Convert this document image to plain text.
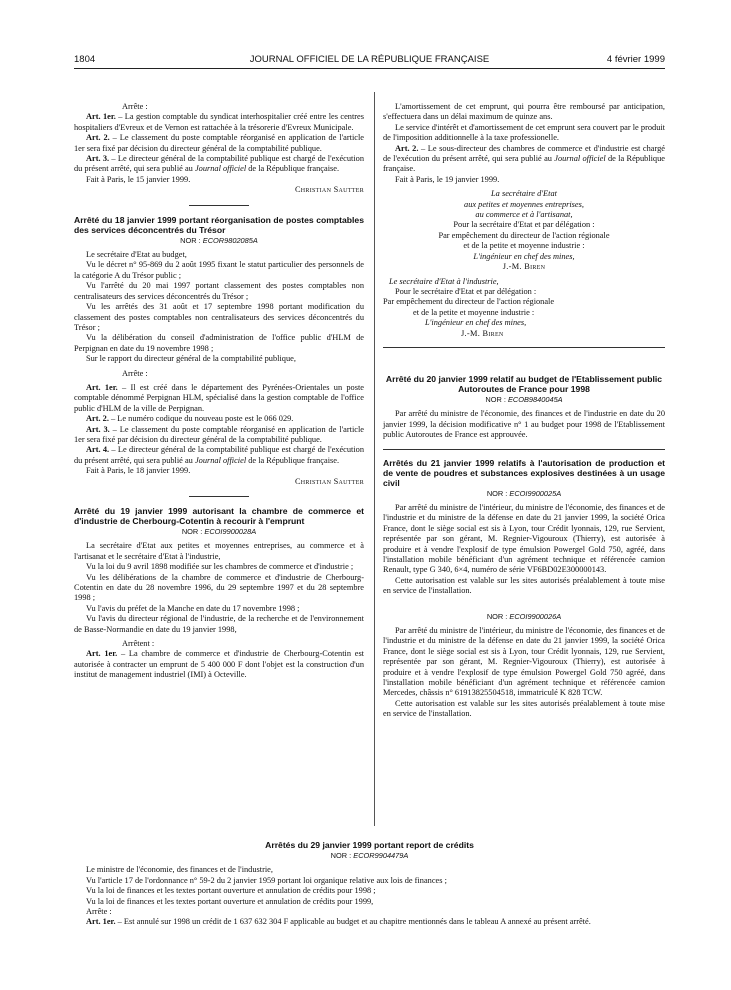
1804	JOURNAL OFFICIEL DE LA RÉPUBLIQUE FRANÇAISE	4 février 1999

Arrête :

Art. 1er. – La gestion comptable du syndicat interhospitalier créé entre les centres hospitaliers d'Evreux et de Vernon est rattachée à la trésorerie d'Evreux Municipale.

Art. 2. – Le classement du poste comptable réorganisé en application de l'article 1er sera fixé par décision du directeur général de la comptabilité publique.

Art. 3. – Le directeur général de la comptabilité publique est chargé de l'exécution du présent arrêté, qui sera publié au Journal officiel de la République française.

Fait à Paris, le 15 janvier 1999.

Christian Sautter

Arrêté du 18 janvier 1999 portant réorganisation de postes comptables des services déconcentrés du Trésor

NOR : ECOR9802085A

Le secrétaire d'Etat au budget,

Vu le décret n° 95-869 du 2 août 1995 fixant le statut particulier des personnels de la catégorie A du Trésor public ;

Vu l'arrêté du 20 mai 1997 portant classement des postes comptables non centralisateurs des services déconcentrés du Trésor ;

Vu les arrêtés des 31 août et 17 septembre 1998 portant modification du classement des postes comptables non centralisateurs des services déconcentrés du Trésor ;

Vu la délibération du conseil d'administration de l'office public d'HLM de Perpignan en date du 19 novembre 1998 ;

Sur le rapport du directeur général de la comptabilité publique,

Arrête :

Art. 1er. – Il est créé dans le département des Pyrénées-Orientales un poste comptable dénommé Perpignan HLM, spécialisé dans la gestion comptable de l'office public d'HLM de la ville de Perpignan.

Art. 2. – Le numéro codique du nouveau poste est le 066 029.

Art. 3. – Le classement du poste comptable réorganisé en application de l'article 1er sera fixé par décision du directeur général de la comptabilité publique.

Art. 4. – Le directeur général de la comptabilité publique est chargé de l'exécution du présent arrêté, qui sera publié au Journal officiel de la République française.

Fait à Paris, le 18 janvier 1999.

Christian Sautter

Arrêté du 19 janvier 1999 autorisant la chambre de commerce et d'industrie de Cherbourg-Cotentin à recourir à l'emprunt

NOR : ECOI9900028A

La secrétaire d'Etat aux petites et moyennes entreprises, au commerce et à l'artisanat et le secrétaire d'Etat à l'industrie,

Vu la loi du 9 avril 1898 modifiée sur les chambres de commerce et d'industrie ;

Vu les délibérations de la chambre de commerce et d'industrie de Cherbourg-Cotentin en date du 28 novembre 1996, du 29 septembre 1997 et du 28 septembre 1998 ;

Vu l'avis du préfet de la Manche en date du 17 novembre 1998 ;

Vu l'avis du directeur régional de l'industrie, de la recherche et de l'environnement de Basse-Normandie en date du 19 janvier 1998,

Arrêtent :

Art. 1er. – La chambre de commerce et d'industrie de Cherbourg-Cotentin est autorisée à contracter un emprunt de 5 400 000 F dont l'objet est la construction d'un institut de management industriel (IMI) à Octeville.

L'amortissement de cet emprunt, qui pourra être remboursé par anticipation, s'effectuera dans un délai maximum de quinze ans.

Le service d'intérêt et d'amortissement de cet emprunt sera couvert par le produit de l'imposition additionnelle à la taxe professionelle.

Art. 2. – Le sous-directeur des chambres de commerce et d'industrie est chargé de l'exécution du présent arrêté, qui sera publié au Journal officiel de la République française.

Fait à Paris, le 19 janvier 1999.

La secrétaire d'Etat

aux petites et moyennes entreprises,

au commerce et à l'artisanat,

Pour la secrétaire d'Etat et par délégation :

Par empêchement du directeur de l'action régionale

et de la petite et moyenne industrie :

L'ingénieur en chef des mines,

J.-M. Biren

Le secrétaire d'Etat à l'industrie,

Pour le secrétaire d'Etat et par délégation :

Par empêchement du directeur de l'action régionale

et de la petite et moyenne industrie :

L'ingénieur en chef des mines,

J.-M. Biren

Arrêté du 20 janvier 1999 relatif au budget de l'Etablissement public Autoroutes de France pour 1998

NOR : ECOB9840045A

Par arrêté du ministre de l'économie, des finances et de l'industrie en date du 20 janvier 1999, la décision modificative n° 1 au budget pour 1998 de l'Etablissement public Autoroutes de France est approuvée.

Arrêtés du 21 janvier 1999 relatifs à l'autorisation de production et de vente de poudres et substances explosives destinées à un usage civil

NOR : ECOI9900025A

Par arrêté du ministre de l'intérieur, du ministre de l'économie, des finances et de l'industrie et du ministre de la défense en date du 21 janvier 1999, la société Orica France, dont le siège social est sis à Lyon, tour Crédit lyonnais, 129, rue Servient, représentée par son gérant, M. Regnier-Vigouroux (Thierry), est autorisée à produire et à vendre l'explosif de type émulsion Powergel Gold 750, agréé, dans l'installation mobile bénéficiant d'un agrément technique et référencée camion Renault, type G 340, 6×4, numéro de série VF6BD02E300000143.

Cette autorisation est valable sur les sites autorisés préalablement à toute mise en service de l'installation.

NOR : ECOI9900026A

Par arrêté du ministre de l'intérieur, du ministre de l'économie, des finances et de l'industrie et du ministre de la défense en date du 21 janvier 1999, la société Orica France, dont le siège social est sis à Lyon, tour Crédit lyonnais, 129, rue Servient, représentée par son gérant, M. Regnier-Vigouroux (Thierry), est autorisée à produire et à vendre l'explosif de type émulsion Powergel Gold 750 agréé, dans l'installation mobile bénéficiant d'un agrément technique et référencée camion Mercedes, châssis n° 61913825504518, immatriculé K 828 TCW.

Cette autorisation est valable sur les sites autorisés préalablement à toute mise en service de l'installation.

Arrêtés du 29 janvier 1999 portant report de crédits

NOR : ECOR9904479A

Le ministre de l'économie, des finances et de l'industrie,

Vu l'article 17 de l'ordonnance n° 59-2 du 2 janvier 1959 portant loi organique relative aux lois de finances ;

Vu la loi de finances et les textes portant ouverture et annulation de crédits pour 1998 ;

Vu la loi de finances et les textes portant ouverture et annulation de crédits pour 1999,

Arrête :

Art. 1er. – Est annulé sur 1998 un crédit de 1 637 632 304 F applicable au budget et au chapitre mentionnés dans le tableau A annexé au présent arrêté.
